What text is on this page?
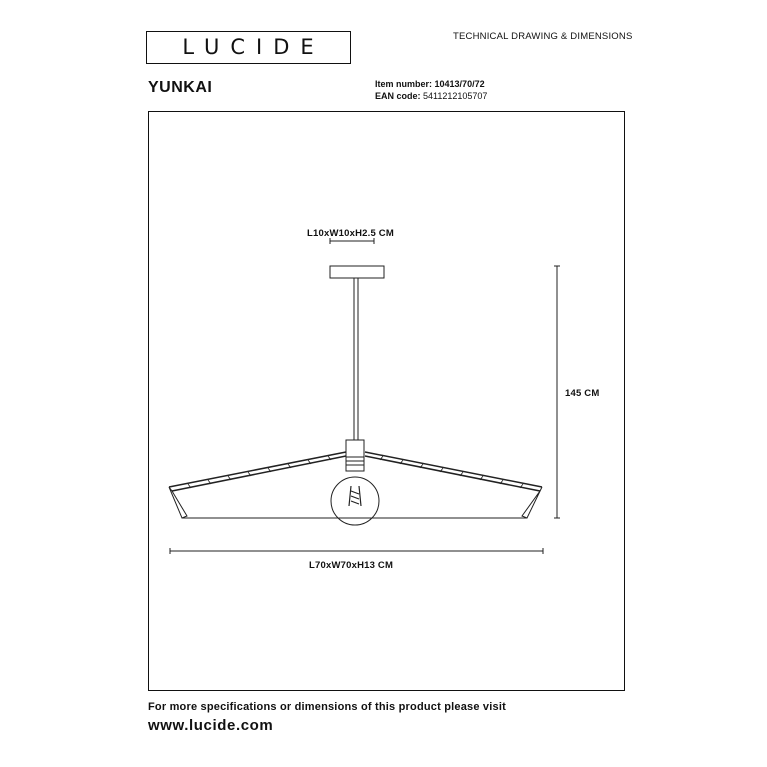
LUCIDE	TECHNICAL DRAWING & DIMENSIONS
YUNKAI	Item number: 10413/70/72
EAN code: 5411212105707
L10xW10xH2.5 CM
145 CM
L70xW70xH13 CM
For more specifications or dimensions of this product please visit
www.lucide.com
